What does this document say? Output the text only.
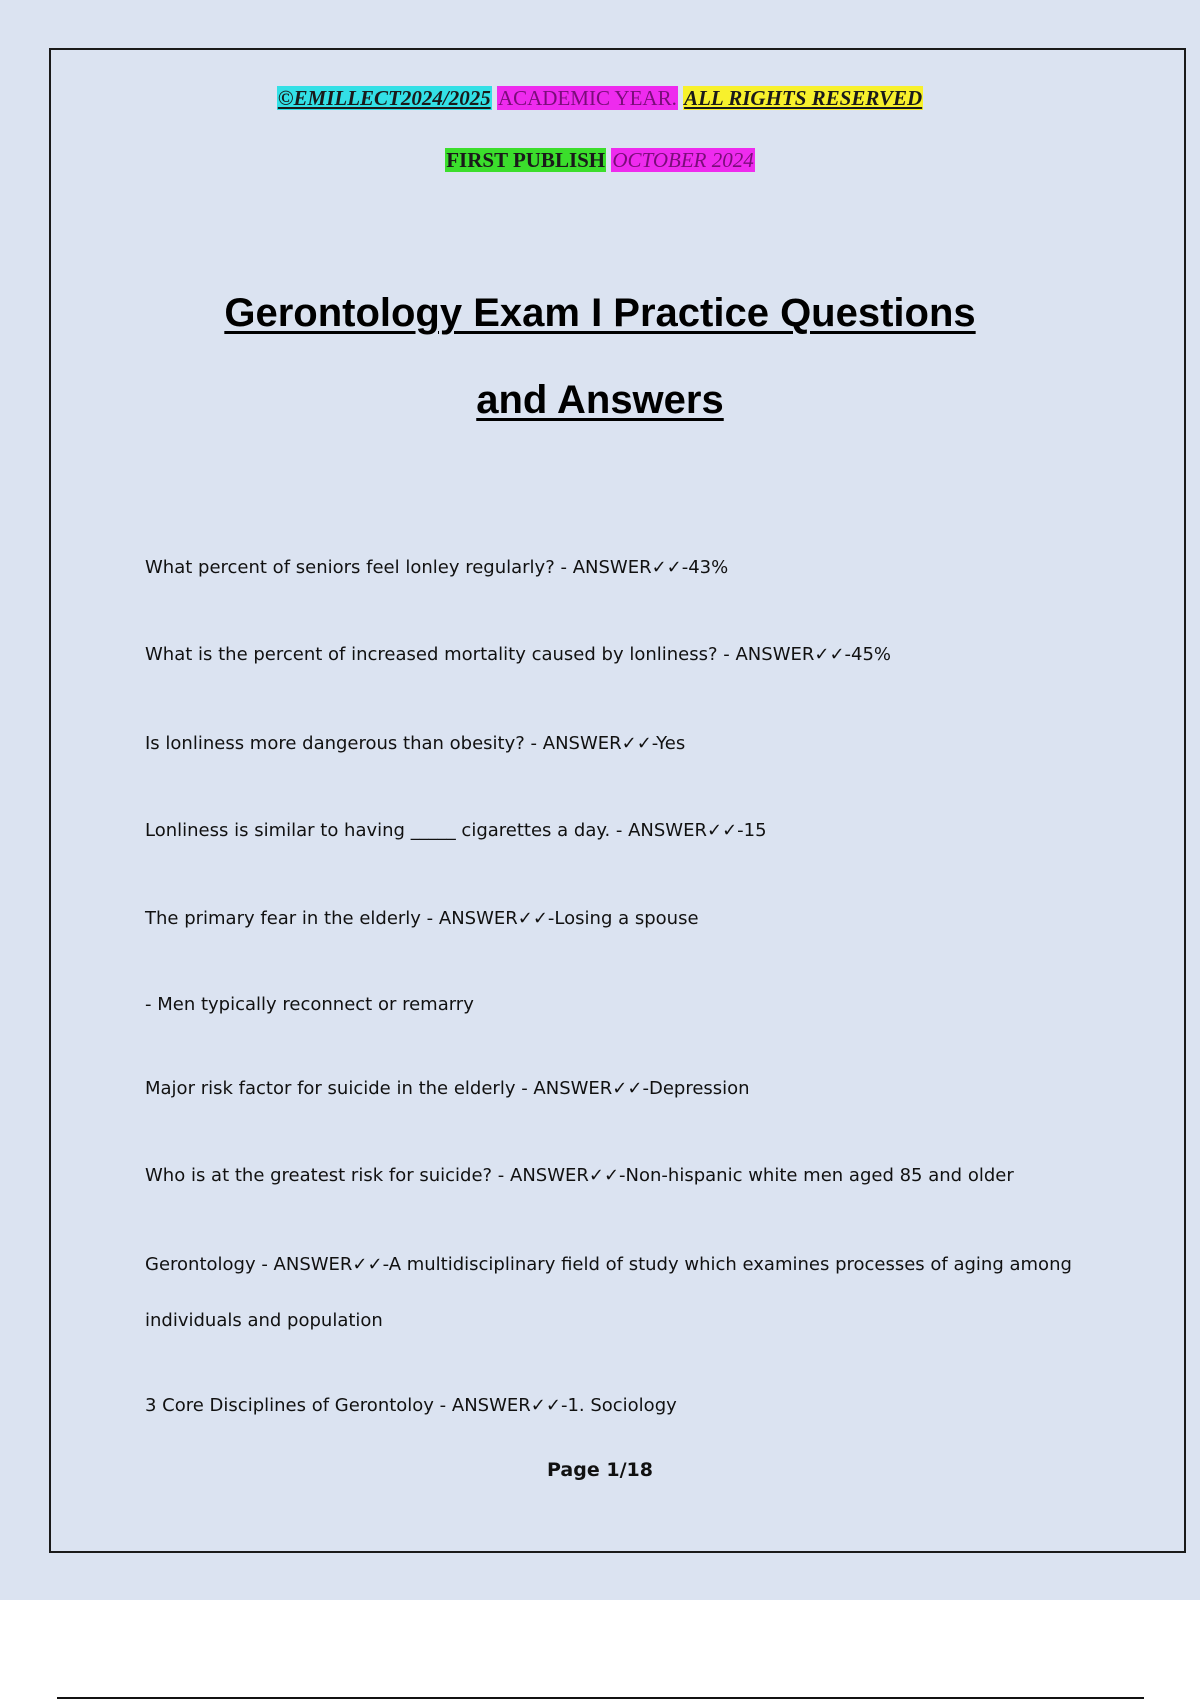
©EMILLECT2024/2025 ACADEMIC YEAR. ALL RIGHTS RESERVED
FIRST PUBLISH OCTOBER 2024
Gerontology Exam I Practice Questions
and Answers
What percent of seniors feel lonley regularly? - ANSWER✓✓-43%
What is the percent of increased mortality caused by lonliness? - ANSWER✓✓-45%
Is lonliness more dangerous than obesity? - ANSWER✓✓-Yes
Lonliness is similar to having _____ cigarettes a day. - ANSWER✓✓-15
The primary fear in the elderly - ANSWER✓✓-Losing a spouse
- Men typically reconnect or remarry
Major risk factor for suicide in the elderly - ANSWER✓✓-Depression
Who is at the greatest risk for suicide? - ANSWER✓✓-Non-hispanic white men aged 85 and older
Gerontology - ANSWER✓✓-A multidisciplinary field of study which examines processes of aging among individuals and population
3 Core Disciplines of Gerontoloy - ANSWER✓✓-1. Sociology
Page 1/18
